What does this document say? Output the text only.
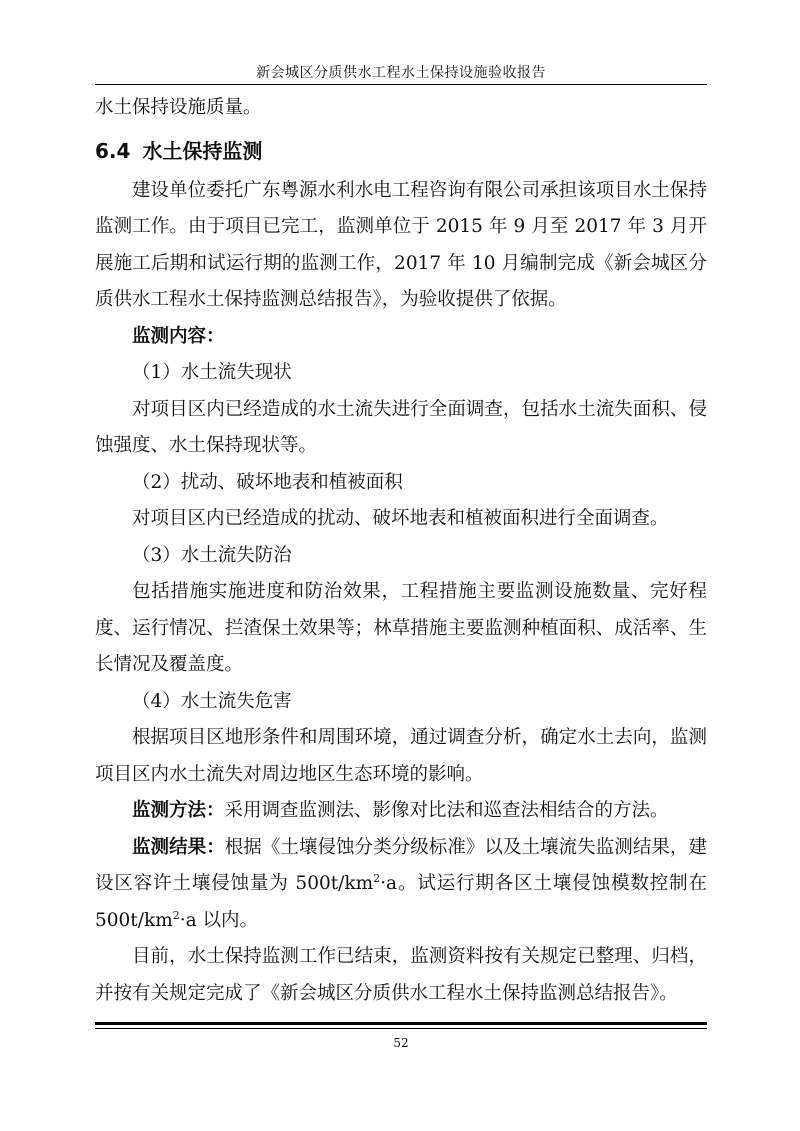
新会城区分质供水工程水土保持设施验收报告

水土保持设施质量。

6.4 水土保持监测

建设单位委托广东粤源水利水电工程咨询有限公司承担该项目水土保持监测工作。由于项目已完工，监测单位于 2015 年 9 月至 2017 年 3 月开展施工后期和试运行期的监测工作，2017 年 10 月编制完成《新会城区分质供水工程水土保持监测总结报告》，为验收提供了依据。

监测内容：

（1）水土流失现状

对项目区内已经造成的水土流失进行全面调查，包括水土流失面积、侵蚀强度、水土保持现状等。

（2）扰动、破坏地表和植被面积

对项目区内已经造成的扰动、破坏地表和植被面积进行全面调查。

（3）水土流失防治

包括措施实施进度和防治效果，工程措施主要监测设施数量、完好程度、运行情况、拦渣保土效果等；林草措施主要监测种植面积、成活率、生长情况及覆盖度。

（4）水土流失危害

根据项目区地形条件和周围环境，通过调查分析，确定水土去向，监测项目区内水土流失对周边地区生态环境的影响。

监测方法：采用调查监测法、影像对比法和巡查法相结合的方法。

监测结果：根据《土壤侵蚀分类分级标准》以及土壤流失监测结果，建设区容许土壤侵蚀量为 $500t/km^2\cdot a$。试运行期各区土壤侵蚀模数控制在 $500t/km^2\cdot a$ 以内。

目前，水土保持监测工作已结束，监测资料按有关规定已整理、归档，并按有关规定完成了《新会城区分质供水工程水土保持监测总结报告》。

52
